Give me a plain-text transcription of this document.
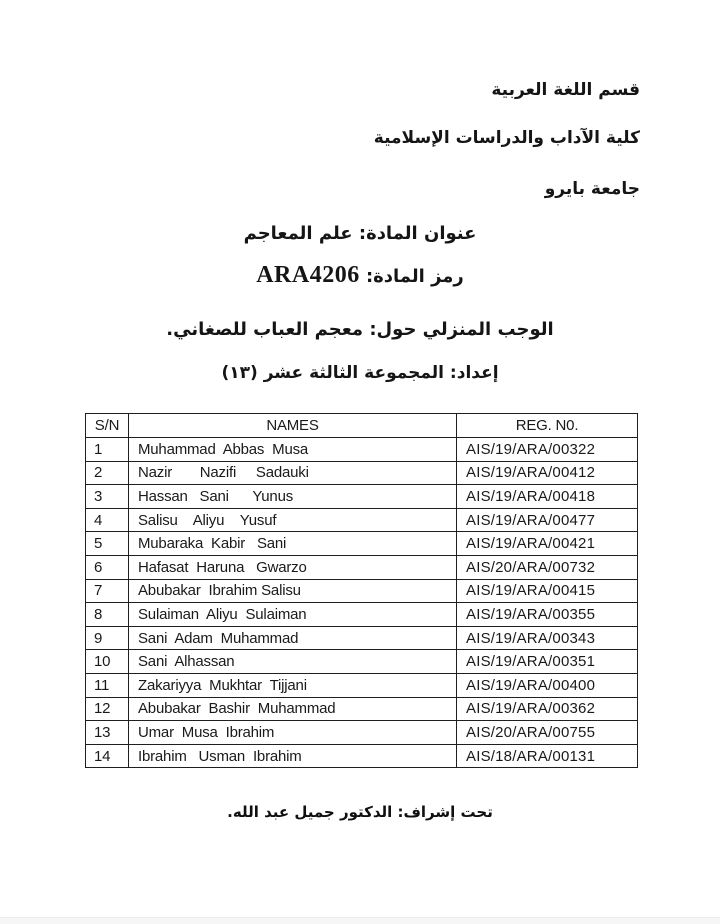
قسم اللغة العربية
كلية الآداب والدراسات الإسلامية
جامعة بايرو
عنوان المادة: علم المعاجم
رمز المادة: ARA4206
الوجب المنزلي حول: معجم العباب للصغاني.
إعداد: المجموعة الثالثة عشر (١٣)
S/N	NAMES	REG. N0.
1	Muhammad  Abbas  Musa	AIS/19/ARA/00322
2	Nazir       Nazifi     Sadauki	AIS/19/ARA/00412
3	Hassan   Sani      Yunus	AIS/19/ARA/00418
4	Salisu    Aliyu    Yusuf	AIS/19/ARA/00477
5	Mubaraka  Kabir   Sani	AIS/19/ARA/00421
6	Hafasat  Haruna   Gwarzo	AIS/20/ARA/00732
7	Abubakar  Ibrahim Salisu	AIS/19/ARA/00415
8	Sulaiman  Aliyu  Sulaiman	AIS/19/ARA/00355
9	Sani  Adam  Muhammad	AIS/19/ARA/00343
10	Sani  Alhassan	AIS/19/ARA/00351
11	Zakariyya  Mukhtar  Tijjani	AIS/19/ARA/00400
12	Abubakar  Bashir  Muhammad	AIS/19/ARA/00362
13	Umar  Musa  Ibrahim	AIS/20/ARA/00755
14	Ibrahim   Usman  Ibrahim	AIS/18/ARA/00131
تحت إشراف: الدكتور جميل عبد الله.
